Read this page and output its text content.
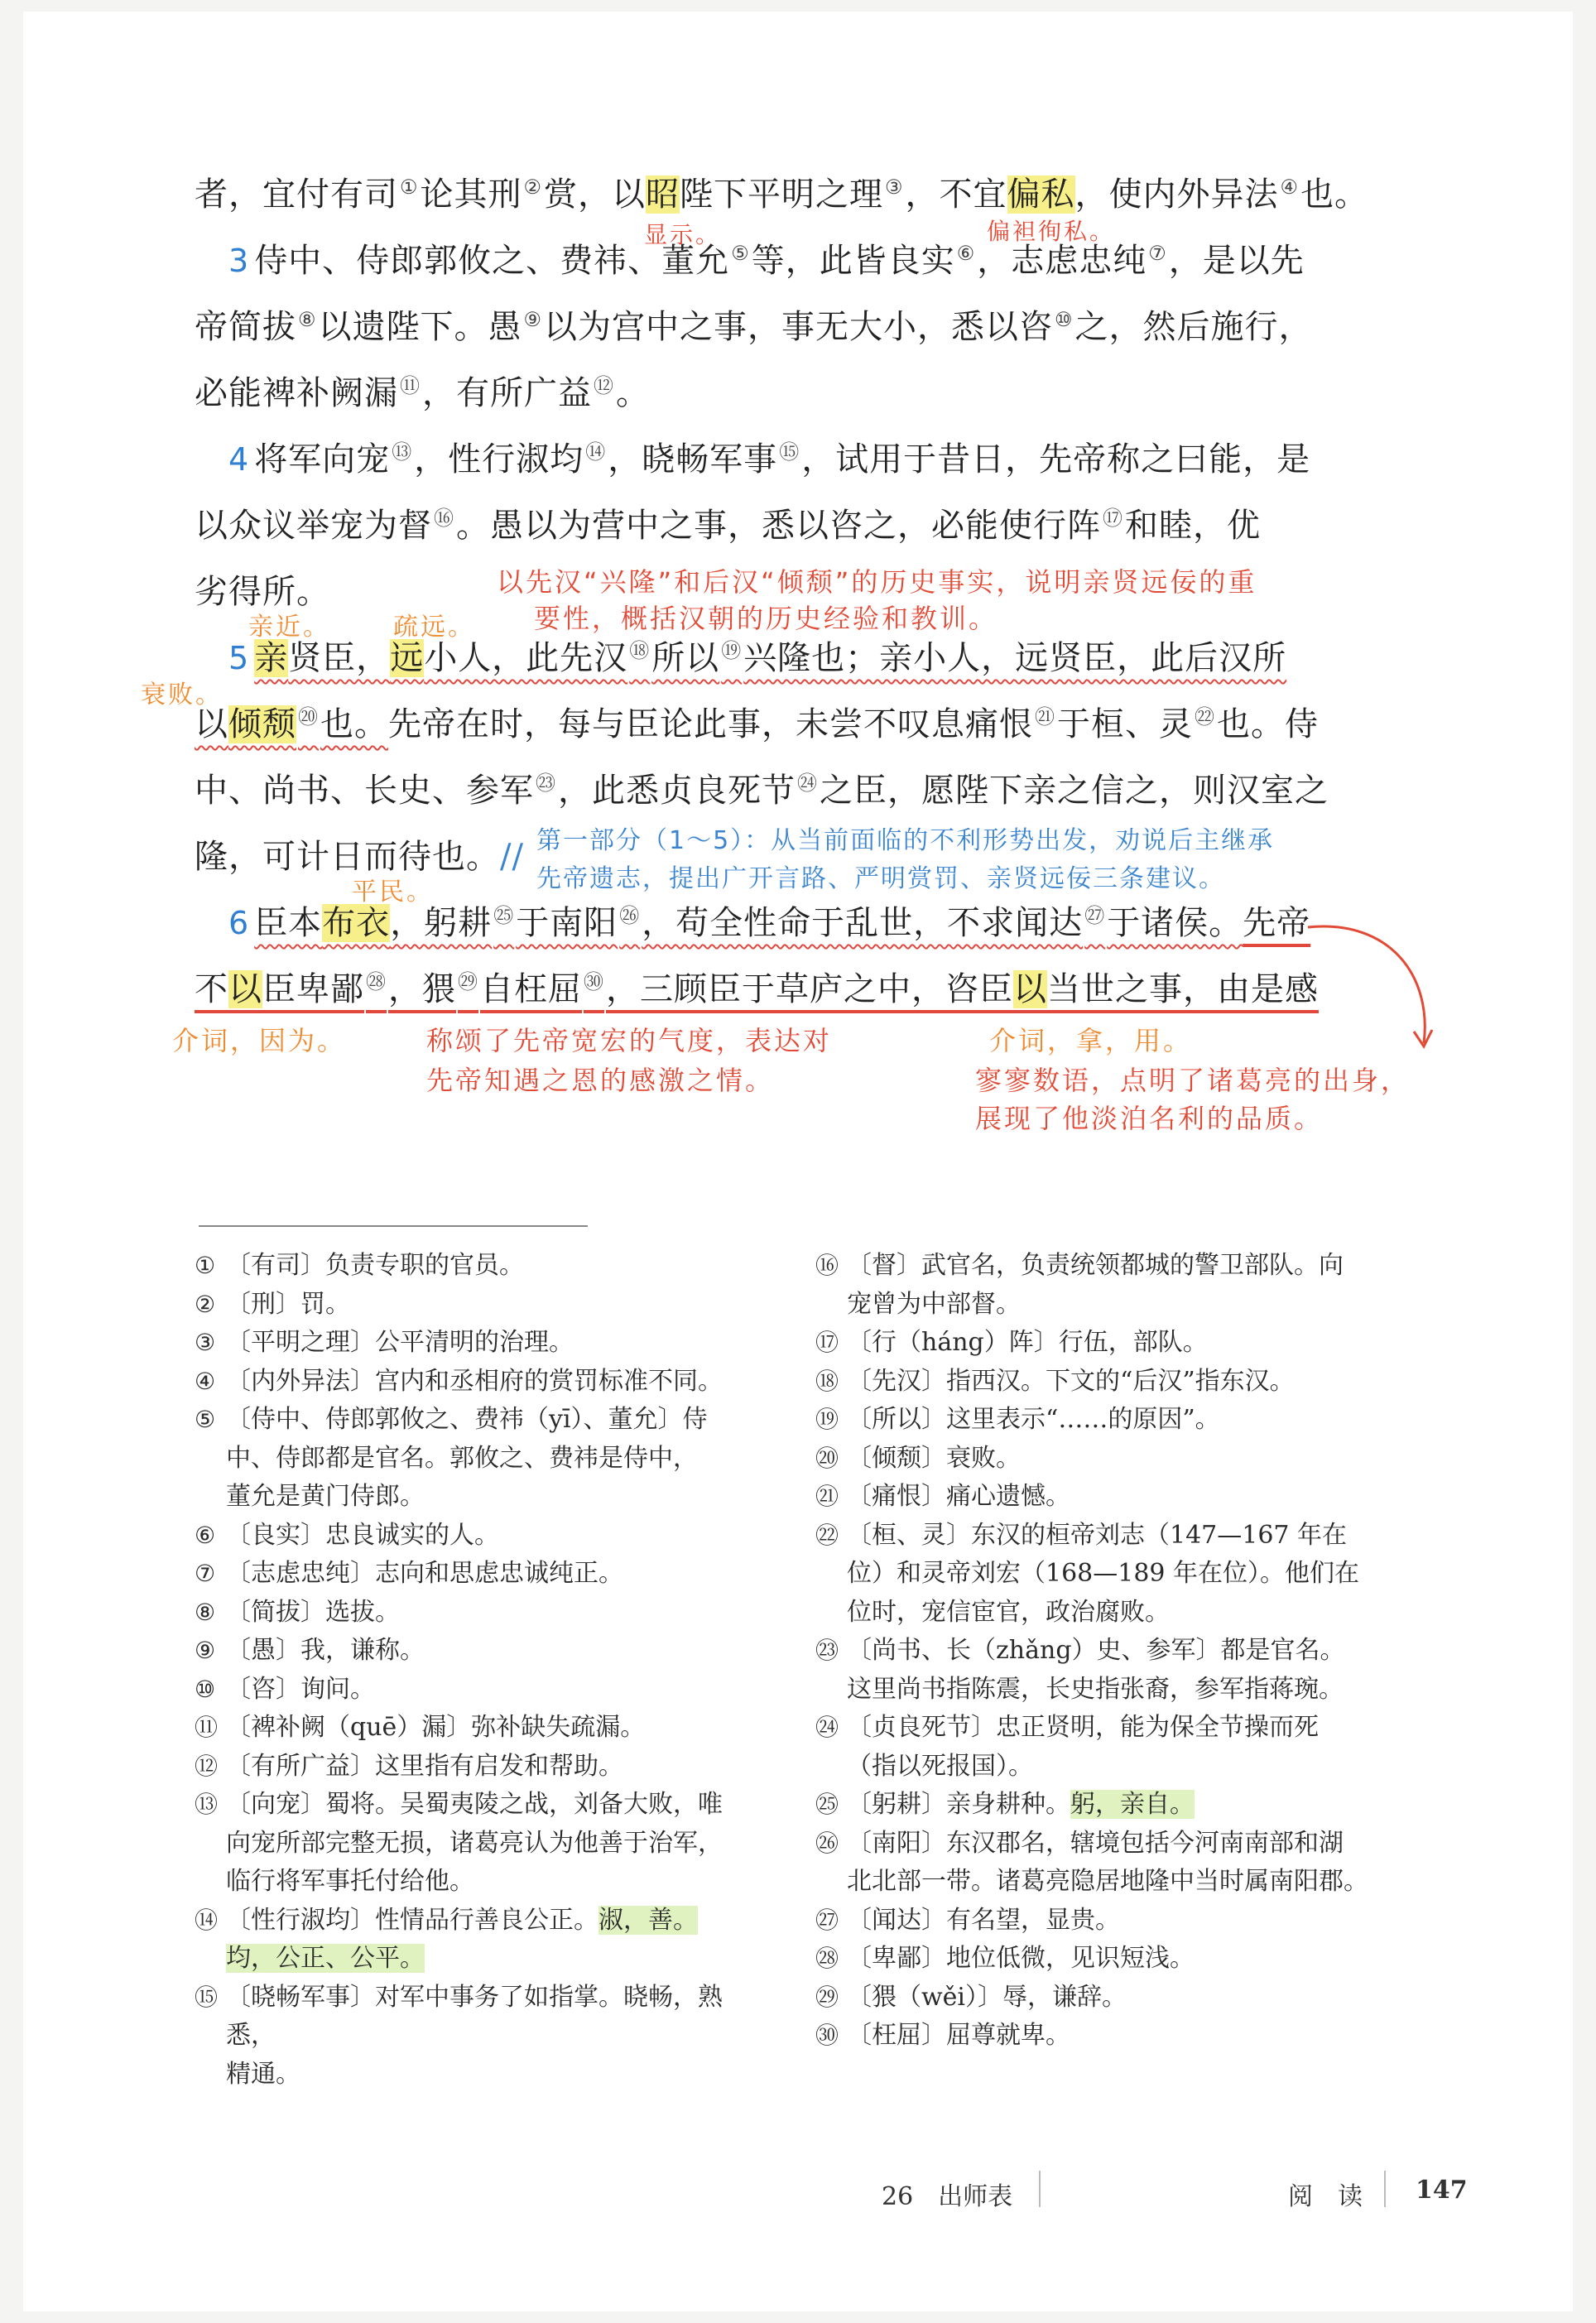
者，宜付有司①论其刑②赏，以昭陛下平明之理③，不宜偏私，使内外异法④也。
　3 侍中、侍郎郭攸之、费祎、董允⑤等，此皆良实⑥，志虑忠纯⑦，是以先
帝简拔⑧以遗陛下。愚⑨以为宫中之事，事无大小，悉以咨⑩之，然后施行，
必能裨补阙漏⑪，有所广益⑫。
　4 将军向宠⑬，性行淑均⑭，晓畅军事⑮，试用于昔日，先帝称之曰能，是
以众议举宠为督⑯。愚以为营中之事，悉以咨之，必能使行阵⑰和睦，优
劣得所。
　5 亲贤臣，远小人，此先汉⑱所以⑲兴隆也；亲小人，远贤臣，此后汉所
以倾颓⑳也。先帝在时，每与臣论此事，未尝不叹息痛恨$^㉑$于桓、灵$^㉒$也。侍
中、尚书、长史、参军$^㉓$，此悉贞良死节$^㉔$之臣，愿陛下亲之信之，则汉室之
隆，可计日而待也。//
　6 臣本布衣，躬耕$^㉕$于南阳$^㉖$，苟全性命于乱世，不求闻达$^㉗$于诸侯。先帝
不以臣卑鄙$^㉘$，猥$^㉙$自枉屈$^㉚$，三顾臣于草庐之中，咨臣以当世之事，由是感
显示。	偏袒徇私。
以先汉“兴隆”和后汉“倾颓”的历史事实，说明亲贤远佞的重
要性，概括汉朝的历史经验和教训。
亲近。	疏远。
衰败。
第一部分（1～5）：从当前面临的不利形势出发，劝说后主继承
先帝遗志，提出广开言路、严明赏罚、亲贤远佞三条建议。
平民。
介词，因为。	称颂了先帝宽宏的气度，表达对
先帝知遇之恩的感激之情。
介词，拿，用。
寥寥数语，点明了诸葛亮的出身，
展现了他淡泊名利的品质。
① 〔有司〕负责专职的官员。
② 〔刑〕罚。
③ 〔平明之理〕公平清明的治理。
④ 〔内外异法〕宫内和丞相府的赏罚标准不同。
⑤ 〔侍中、侍郎郭攸之、费祎（yī）、董允〕侍
中、侍郎都是官名。郭攸之、费祎是侍中，
董允是黄门侍郎。
⑥ 〔良实〕忠良诚实的人。
⑦ 〔志虑忠纯〕志向和思虑忠诚纯正。
⑧ 〔简拔〕选拔。
⑨ 〔愚〕我，谦称。
⑩ 〔咨〕询问。
⑪ 〔裨补阙（quē）漏〕弥补缺失疏漏。
⑫ 〔有所广益〕这里指有启发和帮助。
⑬ 〔向宠〕蜀将。吴蜀夷陵之战，刘备大败，唯
向宠所部完整无损，诸葛亮认为他善于治军，
临行将军事托付给他。
⑭ 〔性行淑均〕性情品行善良公正。淑，善。
均，公正、公平。
⑮ 〔晓畅军事〕对军中事务了如指掌。晓畅，熟悉，
精通。
⑯ 〔督〕武官名，负责统领都城的警卫部队。向
宠曾为中部督。
⑰ 〔行（háng）阵〕行伍，部队。
⑱ 〔先汉〕指西汉。下文的“后汉”指东汉。
⑲ 〔所以〕这里表示“……的原因”。
⑳ 〔倾颓〕衰败。
㉑ 〔痛恨〕痛心遗憾。
㉒ 〔桓、灵〕东汉的桓帝刘志（147—167 年在
位）和灵帝刘宏（168—189 年在位）。他们在
位时，宠信宦官，政治腐败。
㉓ 〔尚书、长（zhǎng）史、参军〕都是官名。
这里尚书指陈震，长史指张裔，参军指蒋琬。
㉔ 〔贞良死节〕忠正贤明，能为保全节操而死
（指以死报国）。
㉕ 〔躬耕〕亲身耕种。躬，亲自。
㉖ 〔南阳〕东汉郡名，辖境包括今河南南部和湖
北北部一带。诸葛亮隐居地隆中当时属南阳郡。
㉗ 〔闻达〕有名望，显贵。
㉘ 〔卑鄙〕地位低微，见识短浅。
㉙ 〔猥（wěi）〕辱，谦辞。
㉚ 〔枉屈〕屈尊就卑。
26　出师表	阅　读 147
